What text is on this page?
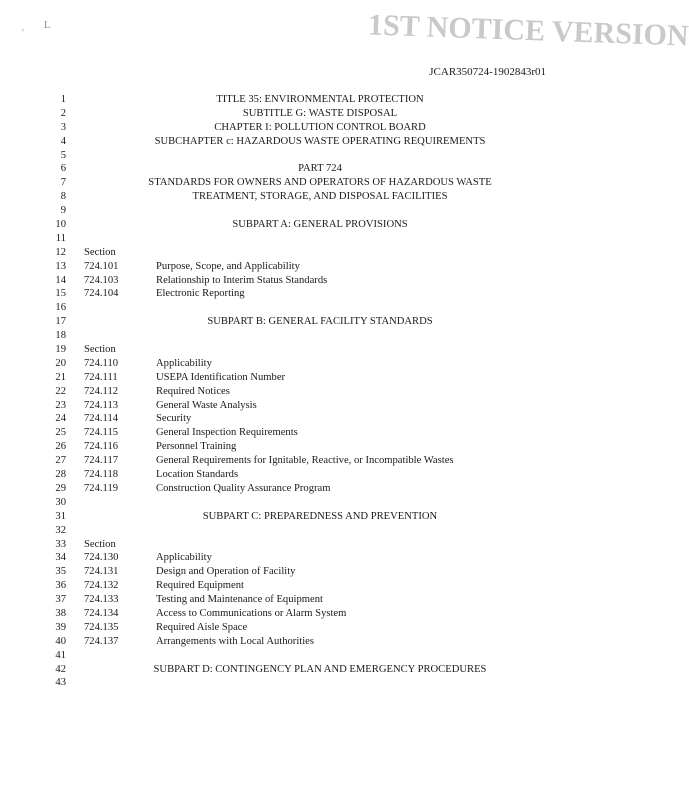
1ST NOTICE VERSION
'
L
JCAR350724-1902843r01
1	TITLE 35: ENVIRONMENTAL PROTECTION
2	SUBTITLE G: WASTE DISPOSAL
3	CHAPTER I: POLLUTION CONTROL BOARD
4	SUBCHAPTER c: HAZARDOUS WASTE OPERATING REQUIREMENTS
5
6	PART 724
7	STANDARDS FOR OWNERS AND OPERATORS OF HAZARDOUS WASTE
8	TREATMENT, STORAGE, AND DISPOSAL FACILITIES
9
10	SUBPART A: GENERAL PROVISIONS
11
12 Section
13 724.101	Purpose, Scope, and Applicability
14 724.103	Relationship to Interim Status Standards
15 724.104	Electronic Reporting
16
17	SUBPART B: GENERAL FACILITY STANDARDS
18
19 Section
20 724.110	Applicability
21 724.111	USEPA Identification Number
22 724.112	Required Notices
23 724.113	General Waste Analysis
24 724.114	Security
25 724.115	General Inspection Requirements
26 724.116	Personnel Training
27 724.117	General Requirements for Ignitable, Reactive, or Incompatible Wastes
28 724.118	Location Standards
29 724.119	Construction Quality Assurance Program
30
31	SUBPART C: PREPAREDNESS AND PREVENTION
32
33 Section
34 724.130	Applicability
35 724.131	Design and Operation of Facility
36 724.132	Required Equipment
37 724.133	Testing and Maintenance of Equipment
38 724.134	Access to Communications or Alarm System
39 724.135	Required Aisle Space
40 724.137	Arrangements with Local Authorities
41
42	SUBPART D: CONTINGENCY PLAN AND EMERGENCY PROCEDURES
43
